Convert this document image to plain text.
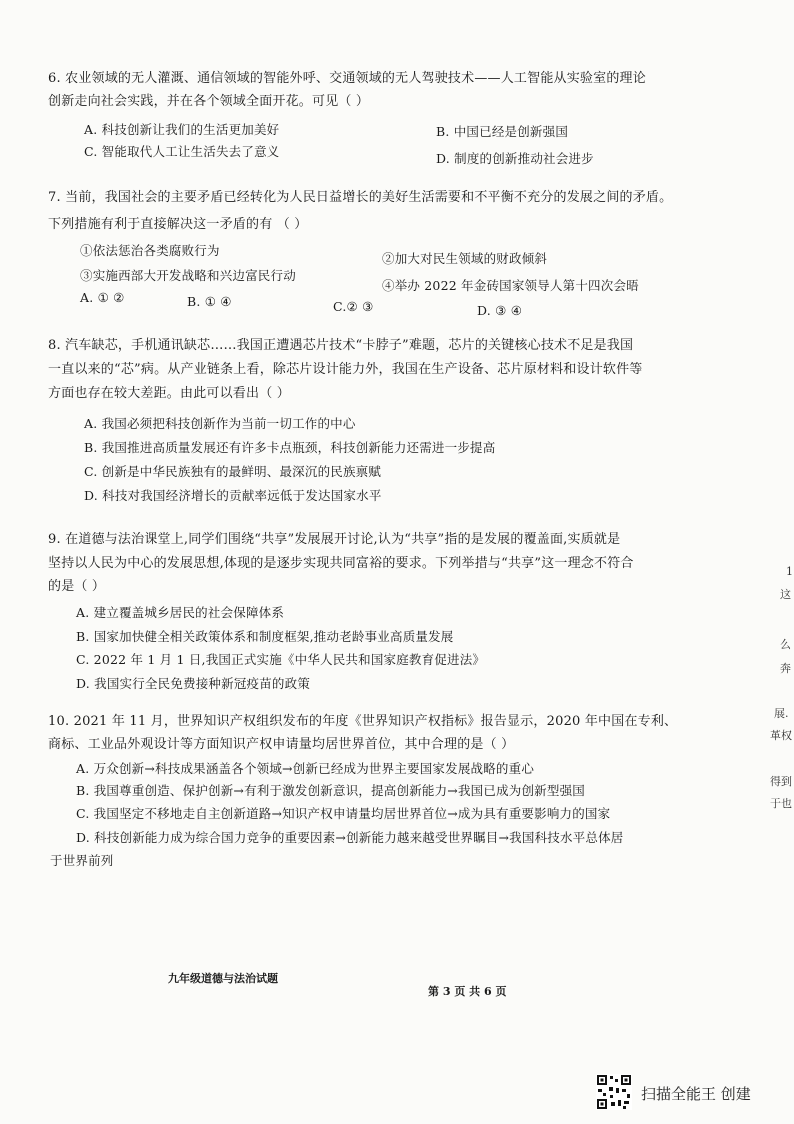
6. 农业领域的无人灌溉、通信领域的智能外呼、交通领域的无人驾驶技术——人工智能从实验室的理论
创新走向社会实践，并在各个领域全面开花。可见（ ）
A. 科技创新让我们的生活更加美好	B. 中国已经是创新强国
C. 智能取代人工让生活失去了意义	D. 制度的创新推动社会进步
7. 当前，我国社会的主要矛盾已经转化为人民日益增长的美好生活需要和不平衡不充分的发展之间的矛盾。
下列措施有利于直接解决这一矛盾的有 （ ）
①依法惩治各类腐败行为
②加大对民生领域的财政倾斜
③实施西部大开发战略和兴边富民行动
④举办 2022 年金砖国家领导人第十四次会晤
A. ① ②	B. ① ④	C.② ③	D. ③ ④
8. 汽车缺芯，手机通讯缺芯……我国正遭遇芯片技术“卡脖子”难题，芯片的关键核心技术不足是我国
一直以来的“芯”病。从产业链条上看，除芯片设计能力外，我国在生产设备、芯片原材料和设计软件等
方面也存在较大差距。由此可以看出（ ）
A. 我国必须把科技创新作为当前一切工作的中心
B. 我国推进高质量发展还有许多卡点瓶颈，科技创新能力还需进一步提高
C. 创新是中华民族独有的最鲜明、最深沉的民族禀赋
D. 科技对我国经济增长的贡献率远低于发达国家水平
9. 在道德与法治课堂上,同学们围绕“共享”发展展开讨论,认为“共享”指的是发展的覆盖面,实质就是
坚持以人民为中心的发展思想,体现的是逐步实现共同富裕的要求。下列举措与“共享”这一理念不符合
的是（ ）
A. 建立覆盖城乡居民的社会保障体系
B. 国家加快健全相关政策体系和制度框架,推动老龄事业高质量发展
C. 2022 年 1 月 1 日,我国正式实施《中华人民共和国家庭教育促进法》
D. 我国实行全民免费接种新冠疫苗的政策
10. 2021 年 11 月，世界知识产权组织发布的年度《世界知识产权指标》报告显示，2020 年中国在专利、
商标、工业品外观设计等方面知识产权申请量均居世界首位，其中合理的是（ ）
A. 万众创新→科技成果涵盖各个领域→创新已经成为世界主要国家发展战略的重心
B. 我国尊重创造、保护创新→有利于激发创新意识，提高创新能力→我国已成为创新型强国
C. 我国坚定不移地走自主创新道路→知识产权申请量均居世界首位→成为具有重要影响力的国家
D. 科技创新能力成为综合国力竞争的重要因素→创新能力越来越受世界瞩目→我国科技水平总体居
于世界前列
九年级道德与法治试题
第 3 页 共 6 页
1
这
么
奔
展.
革权
得到
于也
扫描全能王 创建
